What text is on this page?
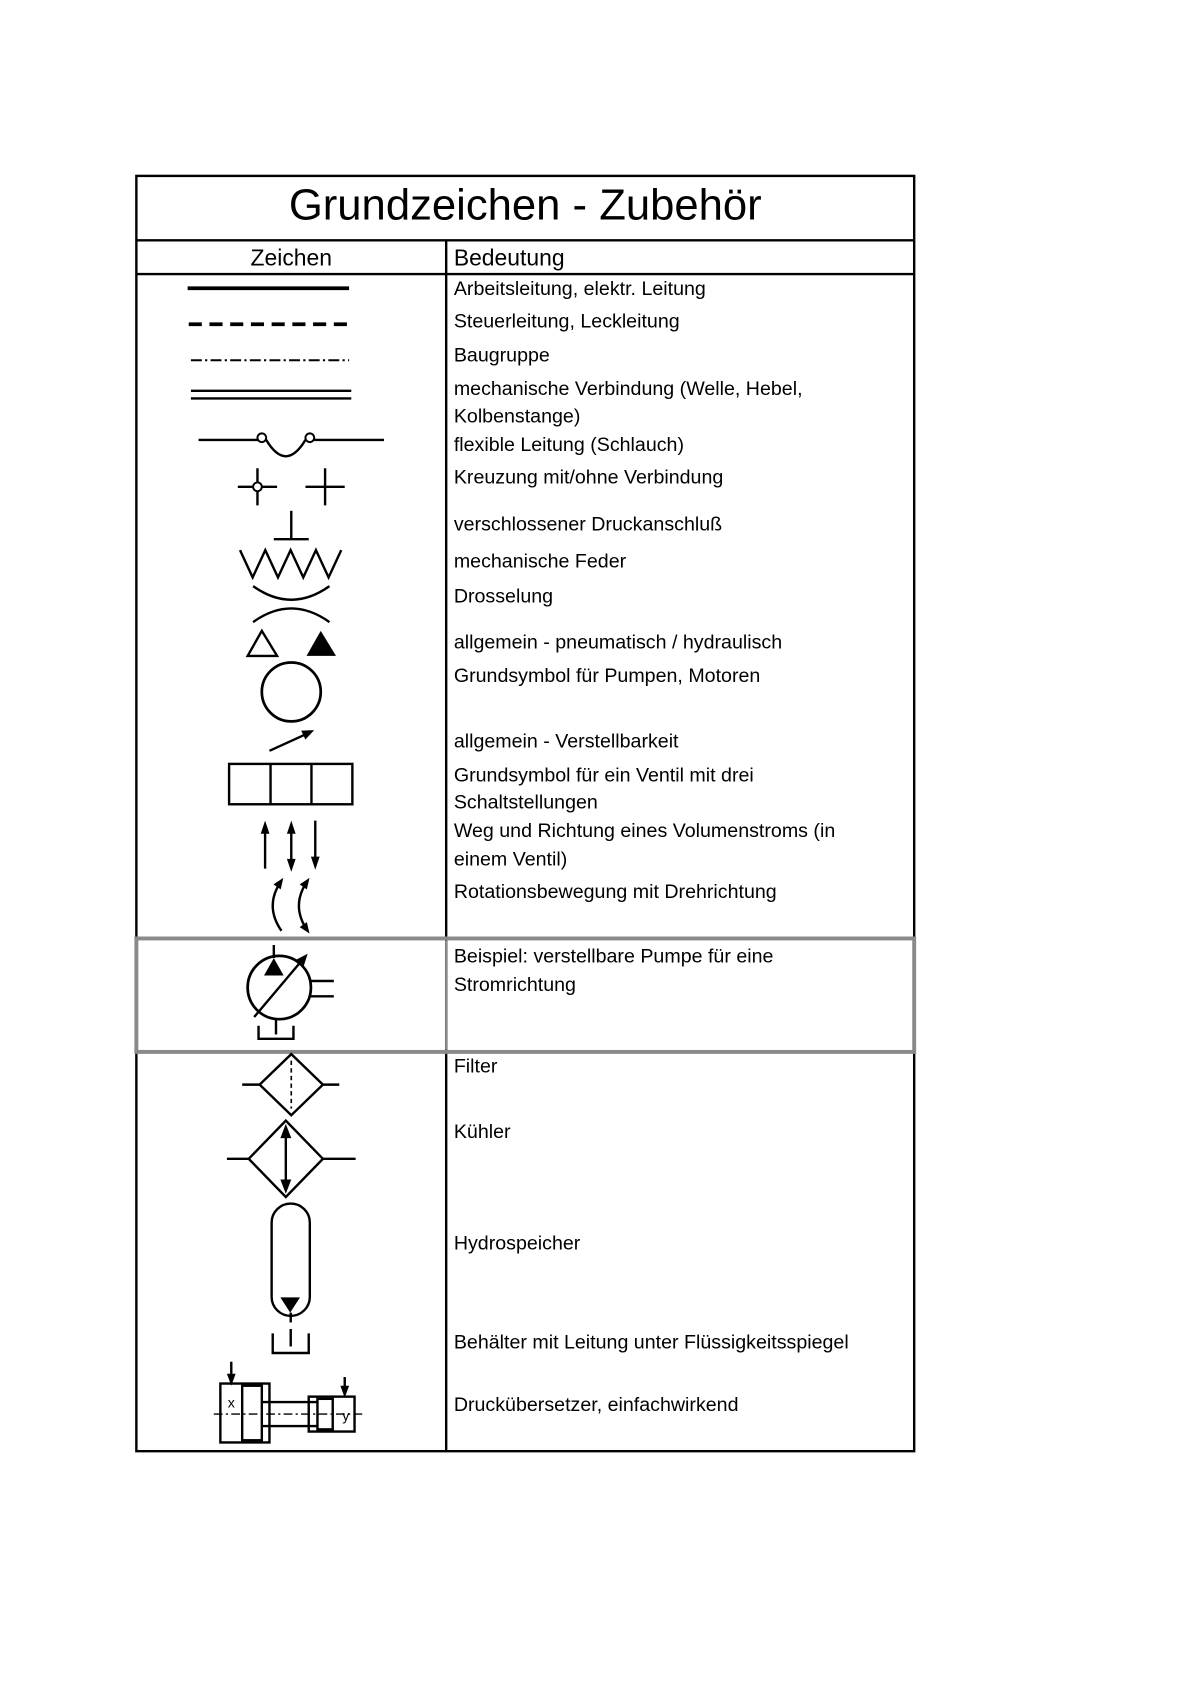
Grundzeichen - Zubehör
Zeichen	Bedeutung
Arbeitsleitung, elektr. Leitung
Steuerleitung, Leckleitung
Baugruppe
mechanische Verbindung (Welle, Hebel,
Kolbenstange)
flexible Leitung (Schlauch)
Kreuzung mit/ohne Verbindung
verschlossener Druckanschluß
mechanische Feder
Drosselung
allgemein - pneumatisch / hydraulisch
Grundsymbol für Pumpen, Motoren
allgemein - Verstellbarkeit
Grundsymbol für ein Ventil mit drei
Schaltstellungen
Weg und Richtung eines Volumenstroms (in
einem Ventil)
Rotationsbewegung mit Drehrichtung
Beispiel: verstellbare Pumpe für eine
Stromrichtung
Filter
Kühler
Hydrospeicher
Behälter mit Leitung unter Flüssigkeitsspiegel
Druckübersetzer, einfachwirkend
x
y
